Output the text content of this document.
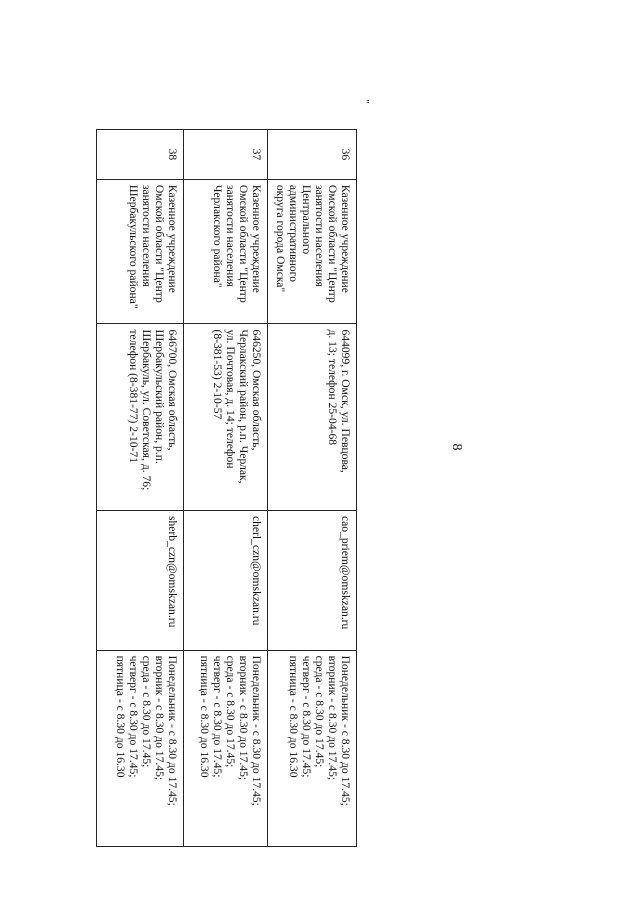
"
8
36
Казенное учреждение
Омской области "Центр
занятости населения
Центрального
административного
округа города Омска"
644099, г. Омск, ул. Певцова,
д. 13; телефон 25-04-68
cao_priem@omskzan.ru
Понедельник - с 8.30 до 17.45;
вторник - с 8.30 до 17.45;
среда - с 8.30 до 17.45;
четверг - с 8.30 до 17.45;
пятница - с 8.30 до 16.30
37
Казенное учреждение
Омской области "Центр
занятости населения
Черлакского района"
646250, Омская область,
Черлакский район, р.п. Черлак,
ул. Почтовая, д. 14; телефон
(8-381-53) 2-10-57
cherl_czn@omskzan.ru
Понедельник - с 8.30 до 17.45;
вторник - с 8.30 до 17.45;
среда - с 8.30 до 17.45;
четверг - с 8.30 до 17.45;
пятница - с 8.30 до 16.30
38
Казенное учреждение
Омской области "Центр
занятости населения
Шербакульского района"
646700, Омская область,
Шербакульский район, р.п.
Шербакуль, ул. Советская, д. 76;
телефон (8-381-77) 2-10-71
sherb_czn@omskzan.ru
Понедельник - с 8.30 до 17.45;
вторник - с 8.30 до 17.45;
среда - с 8.30 до 17.45;
четверг - с 8.30 до 17.45;
пятница - с 8.30 до 16.30
